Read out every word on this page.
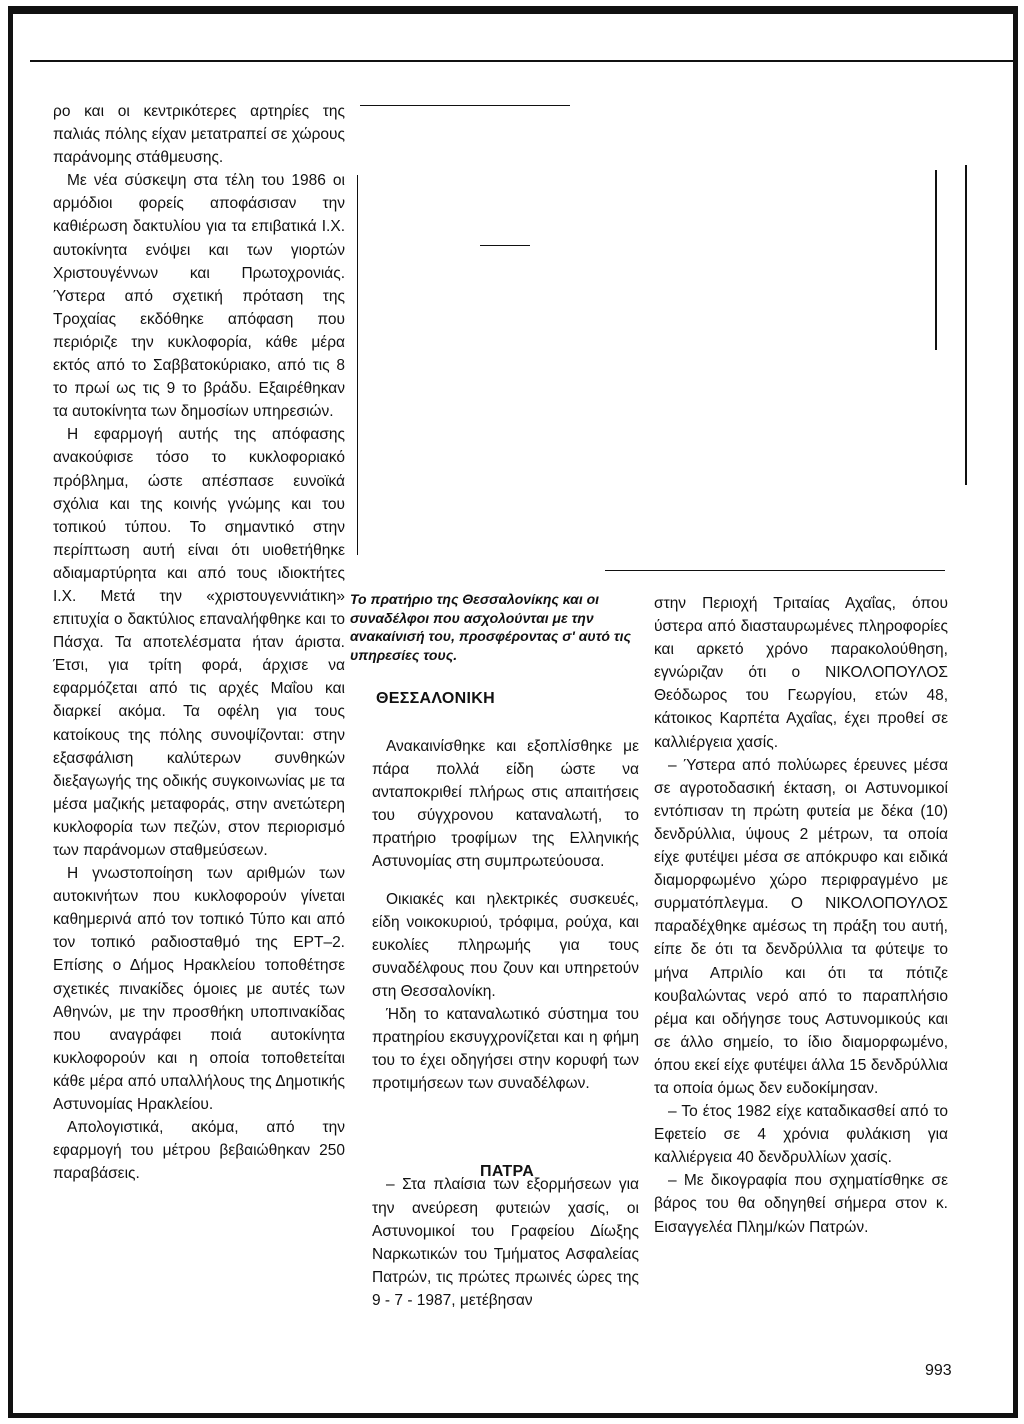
ρο και οι κεντρικότερες αρτηρίες της παλιάς πόλης είχαν μετατραπεί σε χώρους παράνομης στάθμευσης.

Με νέα σύσκεψη στα τέλη του 1986 οι αρμόδιοι φορείς αποφάσισαν την καθιέρωση δακτυλίου για τα επιβατικά Ι.Χ. αυτοκίνητα ενόψει και των γιορτών Χριστουγέννων και Πρωτοχρονιάς. Ύστερα από σχετική πρόταση της Τροχαίας εκδόθηκε απόφαση που περιόριζε την κυκλοφορία, κάθε μέρα εκτός από το Σαββατοκύριακο, από τις 8 το πρωί ως τις 9 το βράδυ. Εξαιρέθηκαν τα αυτοκίνητα των δημοσίων υπηρεσιών.

Η εφαρμογή αυτής της απόφασης ανακούφισε τόσο το κυκλοφοριακό πρόβλημα, ώστε απέσπασε ευνοϊκά σχόλια και της κοινής γνώμης και του τοπικού τύπου. Το σημαντικό στην περίπτωση αυτή είναι ότι υιοθετήθηκε αδιαμαρτύρητα και από τους ιδιοκτήτες Ι.Χ. Μετά την «χριστουγεννιάτικη» επιτυχία ο δακτύλιος επαναλήφθηκε και το Πάσχα. Τα αποτελέσματα ήταν άριστα. Έτσι, για τρίτη φορά, άρχισε να εφαρμόζεται από τις αρχές Μαΐου και διαρκεί ακόμα. Τα οφέλη για τους κατοίκους της πόλης συνοψίζονται: στην εξασφάλιση καλύτερων συνθηκών διεξαγωγής της οδικής συγκοινωνίας με τα μέσα μαζικής μεταφοράς, στην ανετώτερη κυκλοφορία των πεζών, στον περιορισμό των παράνομων σταθμεύσεων.

Η γνωστοποίηση των αριθμών των αυτοκινήτων που κυκλοφορούν γίνεται καθημερινά από τον τοπικό Τύπο και από τον τοπικό ραδιοσταθμό της ΕΡΤ–2. Επίσης ο Δήμος Ηρακλείου τοποθέτησε σχετικές πινακίδες όμοιες με αυτές των Αθηνών, με την προσθήκη υποπινακίδας που αναγράφει ποιά αυτοκίνητα κυκλοφορούν και η οποία τοποθετείται κάθε μέρα από υπαλλήλους της Δημοτικής Αστυνομίας Ηρακλείου.

Απολογιστικά, ακόμα, από την εφαρμογή του μέτρου βεβαιώθηκαν 250 παραβάσεις.

Το πρατήριο της Θεσσαλονίκης και οι συναδέλφοι που ασχολούνται με την ανακαίνισή του, προσφέροντας σ' αυτό τις υπηρεσίες τους.
ΘΕΣΣΑΛΟΝΙΚΗ

Ανακαινίσθηκε και εξοπλίσθηκε με πάρα πολλά είδη ώστε να ανταποκριθεί πλήρως στις απαιτήσεις του σύγχρονου καταναλωτή, το πρατήριο τροφίμων της Ελληνικής Αστυνομίας στη συμπρωτεύουσα.

Οικιακές και ηλεκτρικές συσκευές, είδη νοικοκυριού, τρόφιμα, ρούχα, και ευκολίες πληρωμής για τους συναδέλφους που ζουν και υπηρετούν στη Θεσσαλονίκη.

Ήδη το καταναλωτικό σύστημα του πρατηρίου εκσυγχρονίζεται και η φήμη του το έχει οδηγήσει στην κορυφή των προτιμήσεων των συναδέλφων.

– Στα πλαίσια των εξορμήσεων για την ανεύρεση φυτειών χασίς, οι Αστυνομικοί του Γραφείου Δίωξης Ναρκωτικών του Τμήματος Ασφαλείας Πατρών, τις πρώτες πρωινές ώρες της 9 - 7 - 1987, μετέβησαν

ΠΑΤΡΑ

στην Περιοχή Τριταίας Αχαΐας, όπου ύστερα από διασταυρωμένες πληροφορίες και αρκετό χρόνο παρακολούθηση, εγνώριζαν ότι ο ΝΙΚΟΛΟΠΟΥΛΟΣ Θεόδωρος του Γεωργίου, ετών 48, κάτοικος Καρπέτα Αχαΐας, έχει προθεί σε καλλιέργεια χασίς.

– Ύστερα από πολύωρες έρευνες μέσα σε αγροτοδασική έκταση, οι Αστυνομικοί εντόπισαν τη πρώτη φυτεία με δέκα (10) δενδρύλλια, ύψους 2 μέτρων, τα οποία είχε φυτέψει μέσα σε απόκρυφο και ειδικά διαμορφωμένο χώρο περιφραγμένο με συρματόπλεγμα. Ο ΝΙΚΟΛΟΠΟΥΛΟΣ παραδέχθηκε αμέσως τη πράξη του αυτή, είπε δε ότι τα δενδρύλλια τα φύτεψε το μήνα Απριλίο και ότι τα πότιζε κουβαλώντας νερό από το παραπλήσιο ρέμα και οδήγησε τους Αστυνομικούς και σε άλλο σημείο, το ίδιο διαμορφωμένο, όπου εκεί είχε φυτέψει άλλα 15 δενδρύλλια τα οποία όμως δεν ευδοκίμησαν.

– Το έτος 1982 είχε καταδικασθεί από το Εφετείο σε 4 χρόνια φυλάκιση για καλλιέργεια 40 δενδρυλλίων χασίς.

– Με δικογραφία που σχηματίσθηκε σε βάρος του θα οδηγηθεί σήμερα στον κ. Εισαγγελέα Πλημ/κών Πατρών.

993
